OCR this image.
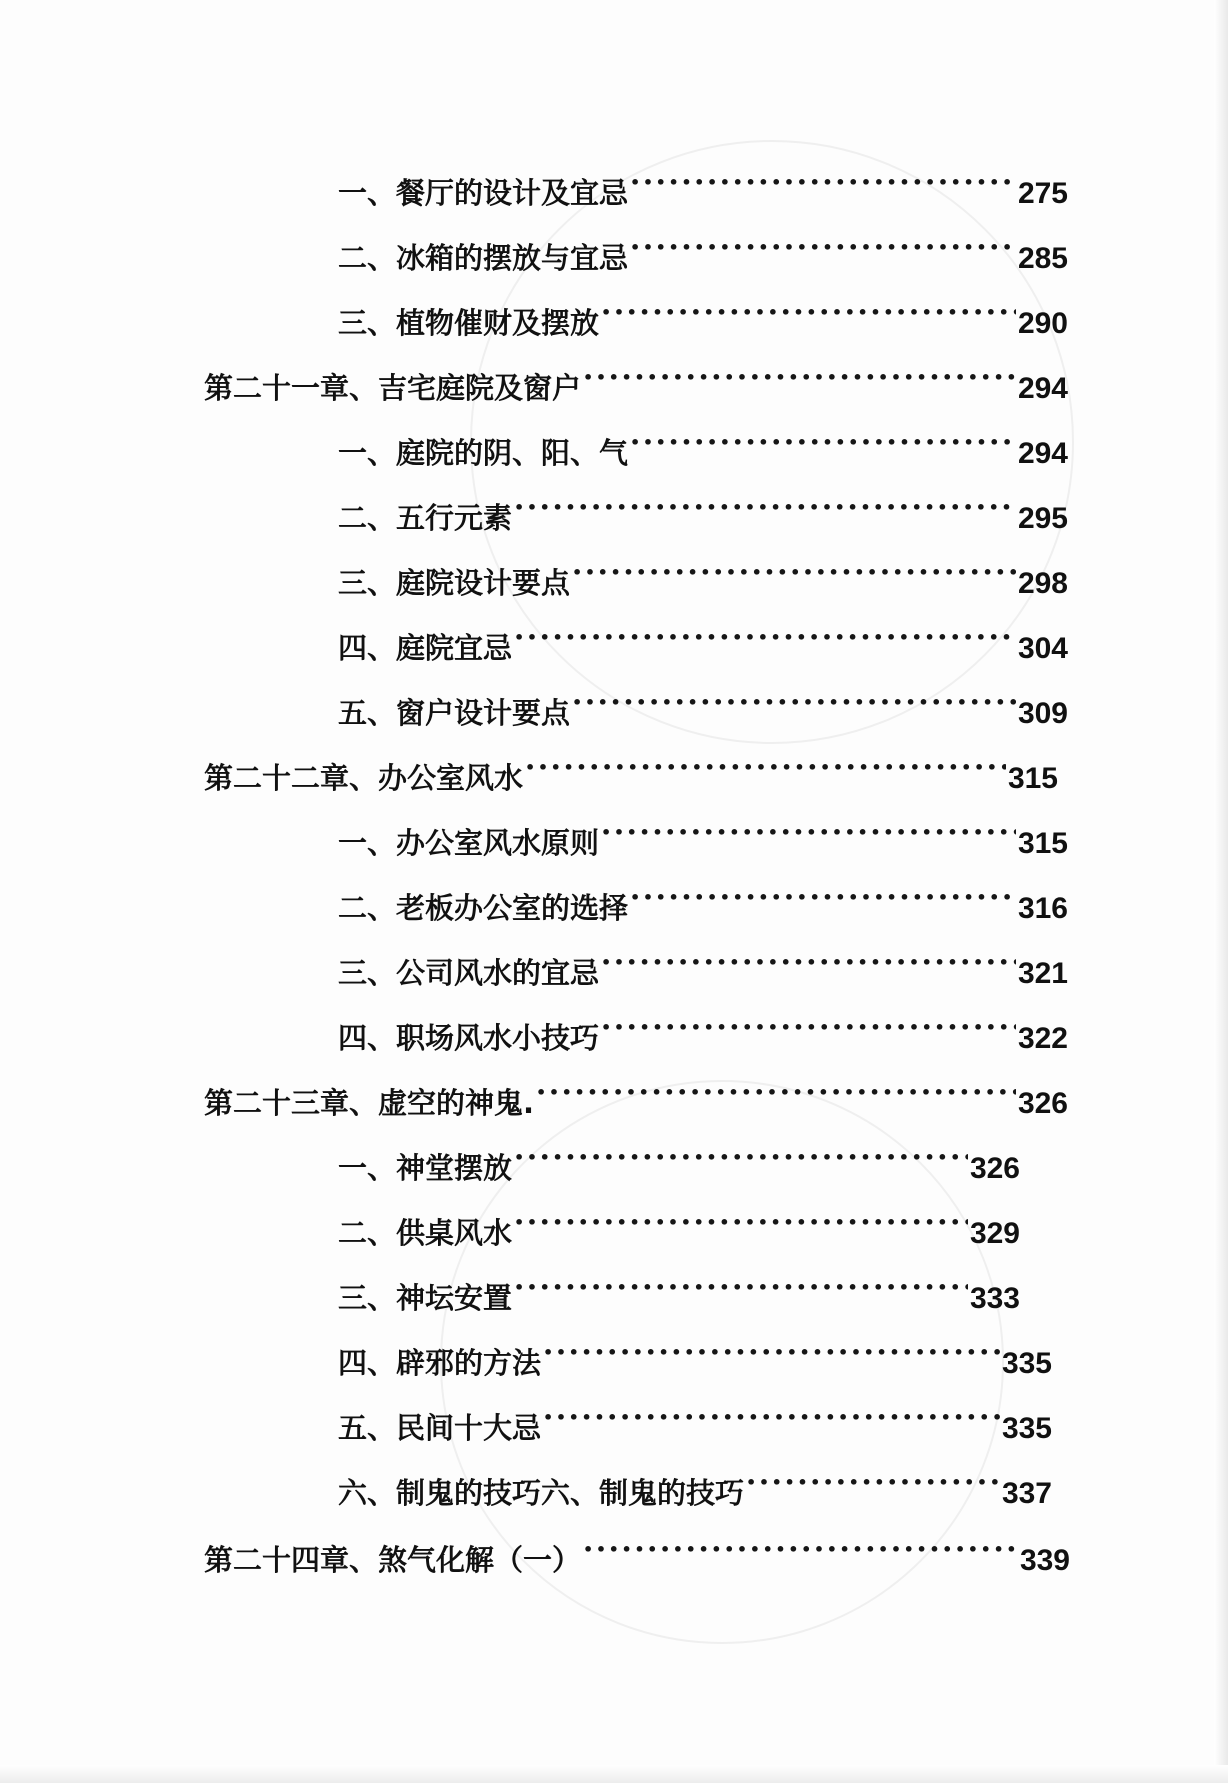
一、餐厅的设计及宜忌 •••••	275
二、冰箱的摆放与宜忌 •••••	285
三、植物催财及摆放 •••••	290
第二十一章、吉宅庭院及窗户 •••••	294
一、庭院的阴、阳、气 •••••	294
二、五行元素 •••••	295
三、庭院设计要点 •••••	298
四、庭院宜忌 •••••	304
五、窗户设计要点 •••••	309
第二十二章、办公室风水 •••••	315
一、办公室风水原则 •••••	315
二、老板办公室的选择 •••••	316
三、公司风水的宜忌 •••••	321
四、职场风水小技巧 •••••	322
第二十三章、虚空的神鬼. •••••	326
一、神堂摆放 •••••	326
二、供桌风水 •••••	329
三、神坛安置 •••••	333
四、辟邪的方法 •••••	335
五、民间十大忌 •••••	335
六、制鬼的技巧六、制鬼的技巧 •••••	337
第二十四章、煞气化解（一） •••••	339
